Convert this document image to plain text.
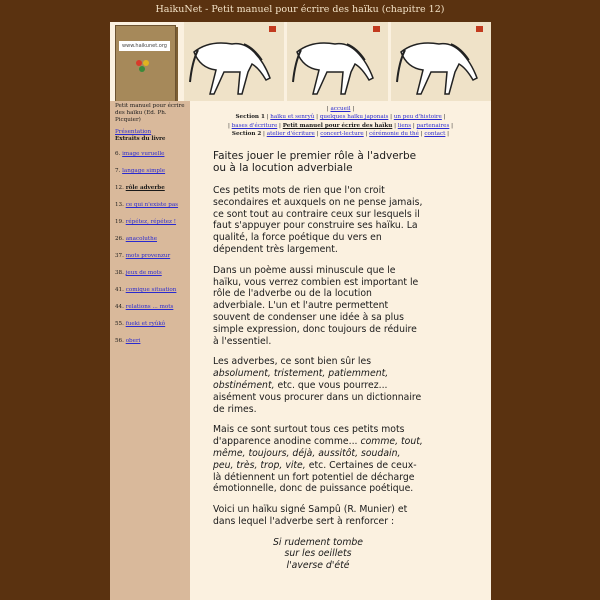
HaikuNet - Petit manuel pour écrire des haïku (chapitre 12)
www.haikunet.org
Petit manuel pour écrire des haïku (Ed. Ph. Picquier)
Présentation
Extraits du livre
6. image vuruelle
7. langage simple
12. rôle adverbe
13. ce qui n'existe pas
19. répétez, répétez !
26. anacoluthe
37. mots provenzur
38. jeux de mots
41. comique situation
44. relations ... mots
55. fueki et ryûkô
56. oberi
| accueil |
Section 1 | haïku et senryû | quelques haïku japonais | un peu d'histoire |
| bases d'écriture | Petit manuel pour écrire des haïku | liens | partenaires |
Section 2 | atelier d'écriture | concert-lecture | cérémonie du thé | contact |
Faites jouer le premier rôle à l'adverbe
ou à la locution adverbiale

Ces petits mots de rien que l'on croit secondaires et auxquels on ne pense jamais, ce sont tout au contraire ceux sur lesquels il faut s'appuyer pour construire ses haïku. La qualité, la force poétique du vers en dépendent très largement.

Dans un poème aussi minuscule que le haïku, vous verrez combien est important le rôle de l'adverbe ou de la locution adverbiale. L'un et l'autre permettent souvent de condenser une idée à sa plus simple expression, donc toujours de réduire à l'essentiel.

Les adverbes, ce sont bien sûr les absolument, tristement, patiemment, obstinément, etc. que vous pourrez... aisément vous procurer dans un dictionnaire de rimes.

Mais ce sont surtout tous ces petits mots d'apparence anodine comme... comme, tout, même, toujours, déjà, aussitôt, soudain, peu, très, trop, vite, etc. Certaines de ceux-là détiennent un fort potentiel de décharge émotionnelle, donc de puissance poétique.

Voici un haïku signé Sampû (R. Munier) et dans lequel l'adverbe sert à renforcer :

Si rudement tombe
sur les oeillets
l'averse d'été
